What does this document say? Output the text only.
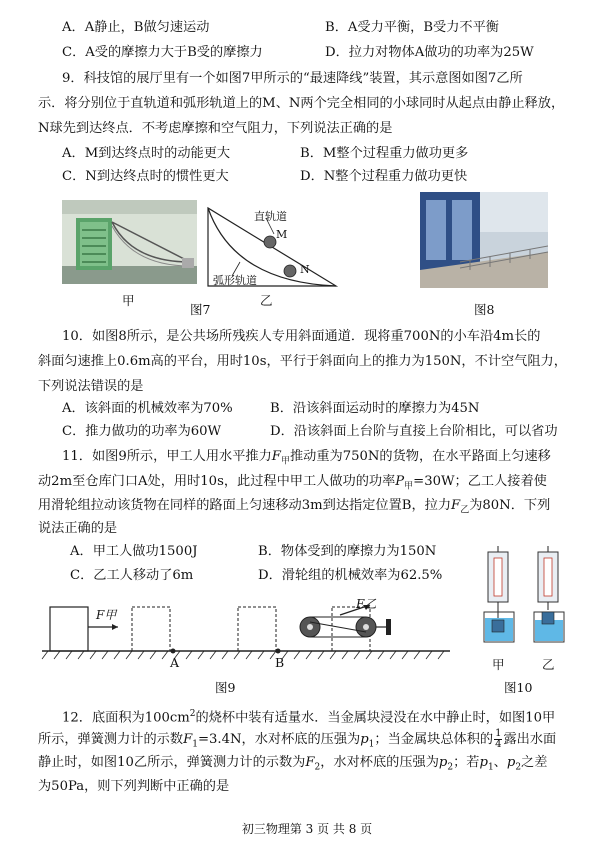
A．A静止，B做匀速运动	B．A受力平衡，B受力不平衡
C．A受的摩擦力大于B受的摩擦力	D．拉力对物体A做功的功率为25W
9．科技馆的展厅里有一个如图7甲所示的“最速降线”装置，其示意图如图7乙所
示．将分别位于直轨道和弧形轨道上的M、N两个完全相同的小球同时从起点由静止释放，
N球先到达终点．不考虑摩擦和空气阻力，下列说法正确的是
A．M到达终点时的动能更大	B．M整个过程重力做功更多
C．N到达终点时的惯性更大	D．N整个过程重力做功更快
甲
直轨道
M
N
弧形轨道
乙
图7	图8
10．如图8所示，是公共场所残疾人专用斜面通道．现将重700N的小车沿4m长的
斜面匀速推上0.6m高的平台，用时10s，平行于斜面向上的推力为150N，不计空气阻力，
下列说法错误的是
A．该斜面的机械效率为70%	B．沿该斜面运动时的摩擦力为45N
C．推力做功的功率为60W	D．沿该斜面上台阶与直接上台阶相比，可以省功
11．如图9所示，甲工人用水平推力$F_甲$推动重为750N的货物，在水平路面上匀速移
动2m至仓库门口A处，用时10s，此过程中甲工人做功的功率$P_甲=30W$；乙工人接着使
用滑轮组拉动该货物在同样的路面上匀速移动3m到达指定位置B，拉力$F_乙$为80N．下列
说法正确的是
A．甲工人做功1500J	B．物体受到的摩擦力为150N
C．乙工人移动了6m	D．滑轮组的机械效率为62.5%
F甲
F乙
A	B
图9
甲	乙
图10
12．底面积为$100cm^2$的烧杯中装有适量水．当金属块浸没在水中静止时，如图10甲
所示，弹簧测力计的示数$F_1=3.4N$，水对杯底的压强为$p_1$；当金属块总体积的 $\frac{1}{4}$ 露出水面
静止时，如图10乙所示，弹簧测力计的示数为$F_2$，水对杯底的压强为$p_2$；若$p_1$、$p_2$之差
为50Pa，则下列判断中正确的是
初三物理第 3 页 共 8 页
